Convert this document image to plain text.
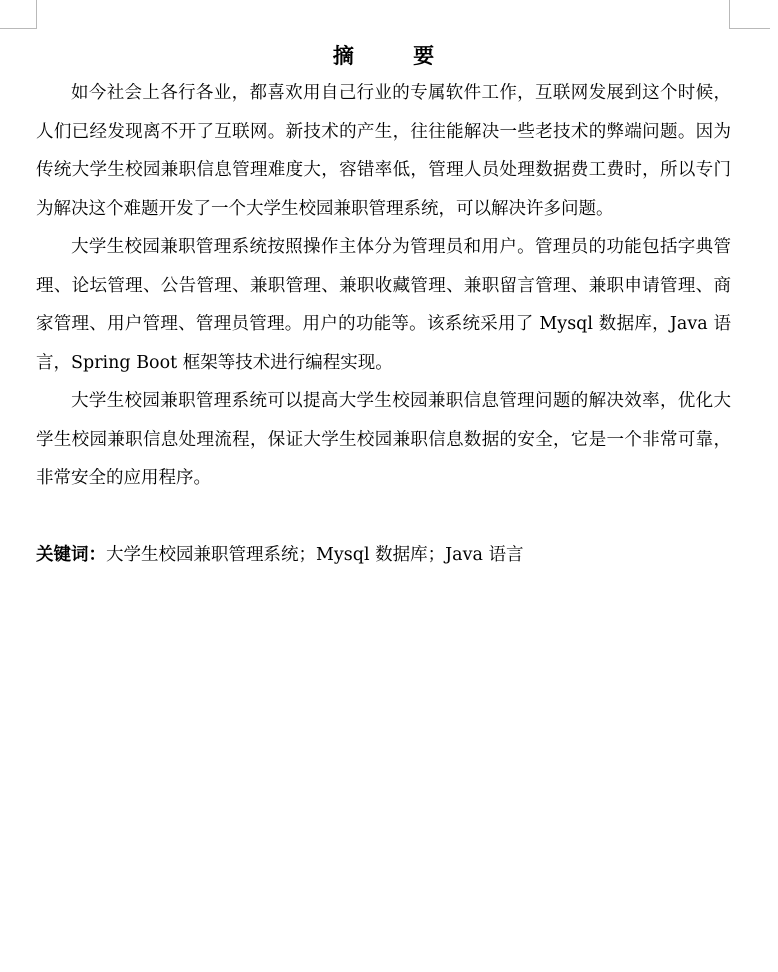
摘 要

如今社会上各行各业，都喜欢用自己行业的专属软件工作，互联网发展到这个时候，人们已经发现离不开了互联网。新技术的产生，往往能解决一些老技术的弊端问题。因为传统大学生校园兼职信息管理难度大，容错率低，管理人员处理数据费工费时，所以专门为解决这个难题开发了一个大学生校园兼职管理系统，可以解决许多问题。

大学生校园兼职管理系统按照操作主体分为管理员和用户。管理员的功能包括字典管理、论坛管理、公告管理、兼职管理、兼职收藏管理、兼职留言管理、兼职申请管理、商家管理、用户管理、管理员管理。用户的功能等。该系统采用了 Mysql 数据库，Java 语言，Spring Boot 框架等技术进行编程实现。

大学生校园兼职管理系统可以提高大学生校园兼职信息管理问题的解决效率，优化大学生校园兼职信息处理流程，保证大学生校园兼职信息数据的安全，它是一个非常可靠，非常安全的应用程序。

关键词：大学生校园兼职管理系统；Mysql 数据库；Java 语言
